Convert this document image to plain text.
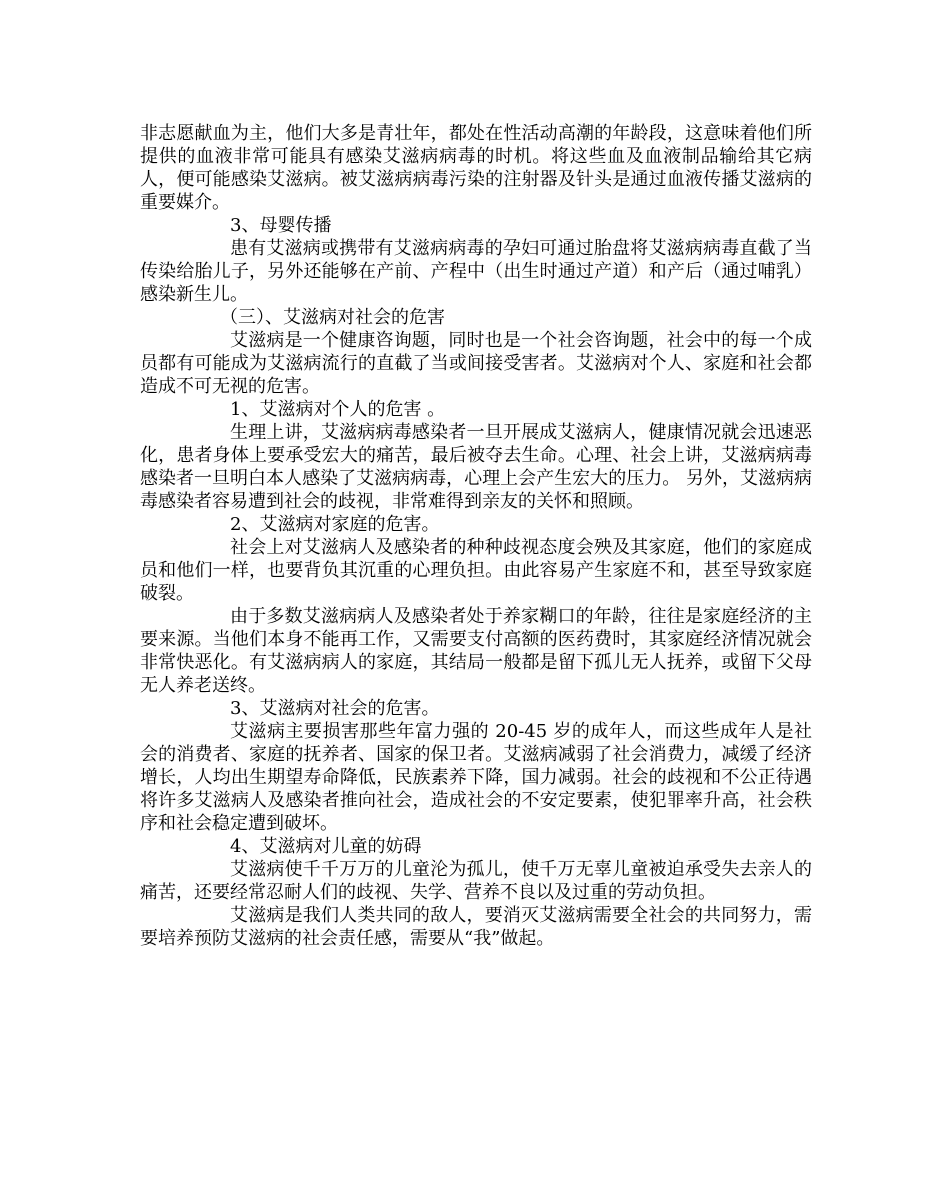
非志愿献血为主，他们大多是青壮年，都处在性活动高潮的年龄段，这意味着他们所提供的血液非常可能具有感染艾滋病病毒的时机。将这些血及血液制品输给其它病人，便可能感染艾滋病。被艾滋病病毒污染的注射器及针头是通过血液传播艾滋病的重要媒介。

3、母婴传播

患有艾滋病或携带有艾滋病病毒的孕妇可通过胎盘将艾滋病病毒直截了当传染给胎儿子，另外还能够在产前、产程中（出生时通过产道）和产后（通过哺乳）感染新生儿。

（三）、艾滋病对社会的危害

艾滋病是一个健康咨询题，同时也是一个社会咨询题，社会中的每一个成员都有可能成为艾滋病流行的直截了当或间接受害者。艾滋病对个人、家庭和社会都造成不可无视的危害。

1、艾滋病对个人的危害 。

生理上讲，艾滋病病毒感染者一旦开展成艾滋病人，健康情况就会迅速恶化，患者身体上要承受宏大的痛苦，最后被夺去生命。心理、社会上讲，艾滋病病毒感染者一旦明白本人感染了艾滋病病毒，心理上会产生宏大的压力。 另外，艾滋病病毒感染者容易遭到社会的歧视，非常难得到亲友的关怀和照顾。

2、艾滋病对家庭的危害。

社会上对艾滋病人及感染者的种种歧视态度会殃及其家庭，他们的家庭成员和他们一样，也要背负其沉重的心理负担。由此容易产生家庭不和，甚至导致家庭破裂。

由于多数艾滋病病人及感染者处于养家糊口的年龄，往往是家庭经济的主要来源。当他们本身不能再工作，又需要支付高额的医药费时，其家庭经济情况就会非常快恶化。有艾滋病病人的家庭，其结局一般都是留下孤儿无人抚养，或留下父母无人养老送终。

3、艾滋病对社会的危害。

艾滋病主要损害那些年富力强的 20-45 岁的成年人，而这些成年人是社会的消费者、家庭的抚养者、国家的保卫者。艾滋病减弱了社会消费力，减缓了经济增长，人均出生期望寿命降低，民族素养下降，国力减弱。社会的歧视和不公正待遇将许多艾滋病人及感染者推向社会，造成社会的不安定要素，使犯罪率升高，社会秩序和社会稳定遭到破坏。

4、艾滋病对儿童的妨碍

艾滋病使千千万万的儿童沦为孤儿，使千万无辜儿童被迫承受失去亲人的痛苦，还要经常忍耐人们的歧视、失学、营养不良以及过重的劳动负担。

艾滋病是我们人类共同的敌人，要消灭艾滋病需要全社会的共同努力，需要培养预防艾滋病的社会责任感，需要从“我”做起。
